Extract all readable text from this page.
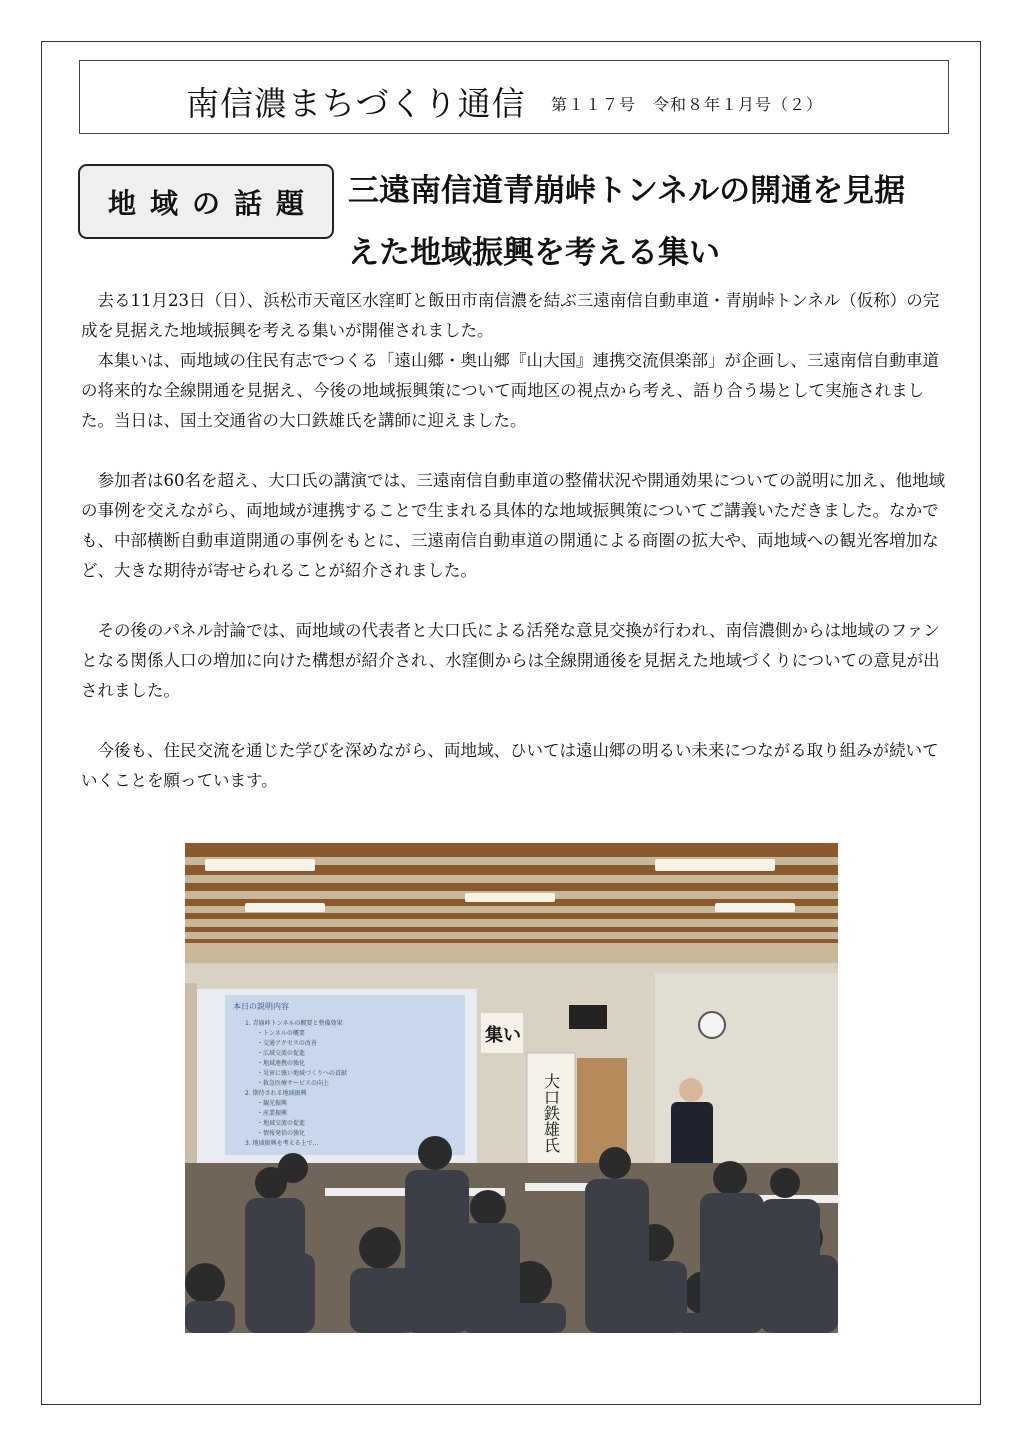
南信濃まちづくり通信 第１１７号　令和８年１月号（２）
地域の話題 三遠南信道青崩峠トンネルの開通を見据
えた地域振興を考える集い

去る11月23日（日）、浜松市天竜区水窪町と飯田市南信濃を結ぶ三遠南信自動車道・青崩峠トンネル（仮称）の完成を見据えた地域振興を考える集いが開催されました。

本集いは、両地域の住民有志でつくる「遠山郷・奥山郷『山大国』連携交流倶楽部」が企画し、三遠南信自動車道の将来的な全線開通を見据え、今後の地域振興策について両地区の視点から考え、語り合う場として実施されました。当日は、国土交通省の大口鉄雄氏を講師に迎えました。

参加者は60名を超え、大口氏の講演では、三遠南信自動車道の整備状況や開通効果についての説明に加え、他地域の事例を交えながら、両地域が連携することで生まれる具体的な地域振興策についてご講義いただきました。なかでも、中部横断自動車道開通の事例をもとに、三遠南信自動車道の開通による商圏の拡大や、両地域への観光客増加など、大きな期待が寄せられることが紹介されました。

その後のパネル討論では、両地域の代表者と大口氏による活発な意見交換が行われ、南信濃側からは地域のファンとなる関係人口の増加に向けた構想が紹介され、水窪側からは全線開通後を見据えた地域づくりについての意見が出されました。

今後も、住民交流を通じた学びを深めながら、両地域、ひいては遠山郷の明るい未来につながる取り組みが続いていくことを願っています。

本日の説明内容
1. 青崩峠トンネルの概要と整備効果
・トンネルの概要
・交通アクセスの改善
・広域交流の促進
・地域連携の強化
・災害に強い地域づくりへの貢献
・救急医療サービスの向上
2. 期待される地域振興
・観光振興
・産業振興
・地域交流の促進
・情報発信の強化
3. 地域振興を考える上で…
集い
大口鉄雄氏
